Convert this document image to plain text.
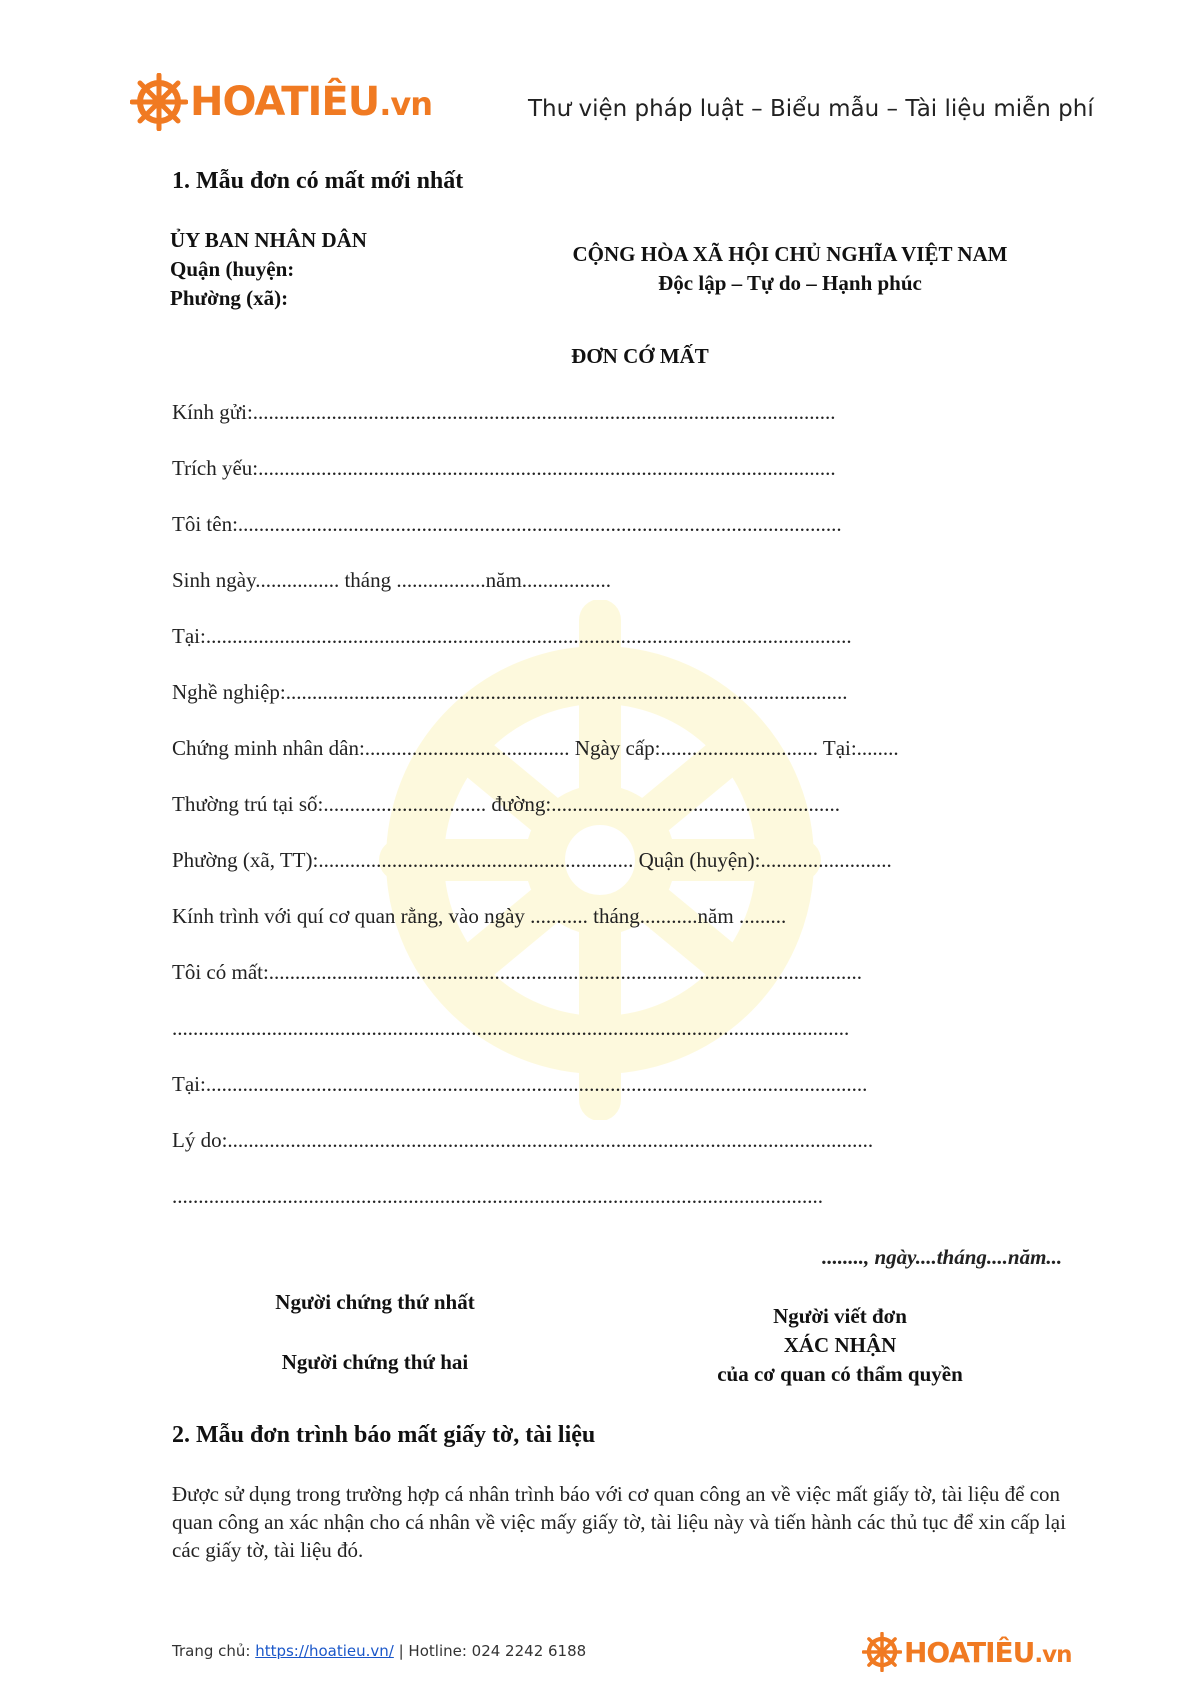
HOATIÊU.vn	Thư viện pháp luật – Biểu mẫu – Tài liệu miễn phí
1. Mẫu đơn có mất mới nhất
ỦY BAN NHÂN DÂN
Quận (huyện:
Phường (xã):
CỘNG HÒA XÃ HỘI CHỦ NGHĨA VIỆT NAM
Độc lập – Tự do – Hạnh phúc
ĐƠN CỚ MẤT
Kính gửi:...............................................................................................................
Trích yếu:..............................................................................................................
Tôi tên:...................................................................................................................
Sinh ngày................ tháng .................năm.................
Tại:...........................................................................................................................
Nghề nghiệp:...........................................................................................................
Chứng minh nhân dân:....................................... Ngày cấp:.............................. Tại:........
Thường trú tại số:............................... đường:.......................................................
Phường (xã, TT):............................................................ Quận (huyện):.........................
Kính trình với quí cơ quan rằng, vào ngày ........... tháng...........năm .........
Tôi có mất:.................................................................................................................
.................................................................................................................................
Tại:..............................................................................................................................
Lý do:...........................................................................................................................
............................................................................................................................
........, ngày....tháng....năm...
Người chứng thứ nhất
Người chứng thứ hai
Người viết đơn
XÁC NHẬN
của cơ quan có thẩm quyền
2. Mẫu đơn trình báo mất giấy tờ, tài liệu
Được sử dụng trong trường hợp cá nhân trình báo với cơ quan công an về việc mất giấy tờ, tài liệu để con quan công an xác nhận cho cá nhân về việc mấy giấy tờ, tài liệu này và tiến hành các thủ tục để xin cấp lại các giấy tờ, tài liệu đó.
Trang chủ: https://hoatieu.vn/ | Hotline: 024 2242 6188	HOATIÊU.vn
